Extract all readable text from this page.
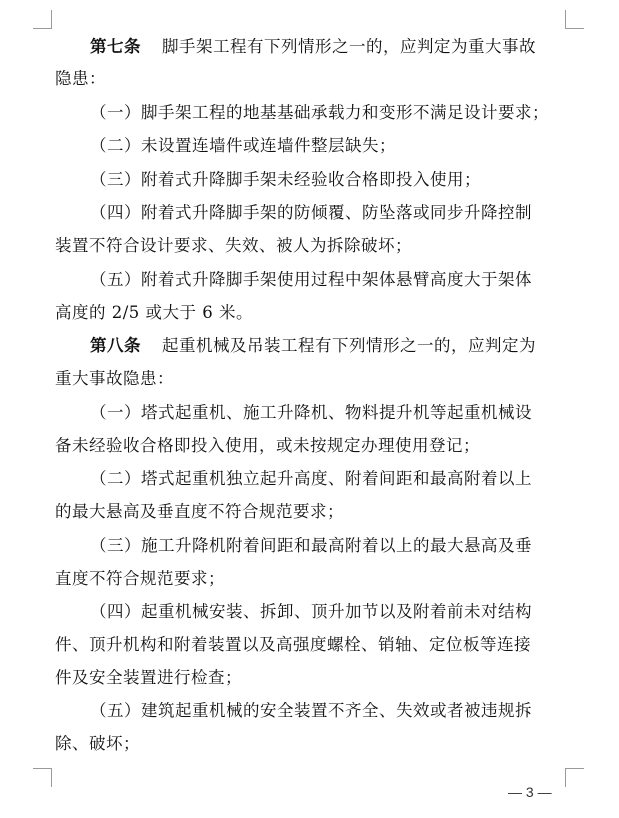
第七条 脚手架工程有下列情形之一的，应判定为重大事故
隐患：
（一）脚手架工程的地基基础承载力和变形不满足设计要求；
（二）未设置连墙件或连墙件整层缺失；
（三）附着式升降脚手架未经验收合格即投入使用；
（四）附着式升降脚手架的防倾覆、防坠落或同步升降控制
装置不符合设计要求、失效、被人为拆除破坏；
（五）附着式升降脚手架使用过程中架体悬臂高度大于架体
高度的 2/5 或大于 6 米。
第八条 起重机械及吊装工程有下列情形之一的，应判定为
重大事故隐患：
（一）塔式起重机、施工升降机、物料提升机等起重机械设
备未经验收合格即投入使用，或未按规定办理使用登记；
（二）塔式起重机独立起升高度、附着间距和最高附着以上
的最大悬高及垂直度不符合规范要求；
（三）施工升降机附着间距和最高附着以上的最大悬高及垂
直度不符合规范要求；
（四）起重机械安装、拆卸、顶升加节以及附着前未对结构
件、顶升机构和附着装置以及高强度螺栓、销轴、定位板等连接
件及安全装置进行检查；
（五）建筑起重机械的安全装置不齐全、失效或者被违规拆
除、破坏；
— 3 —
